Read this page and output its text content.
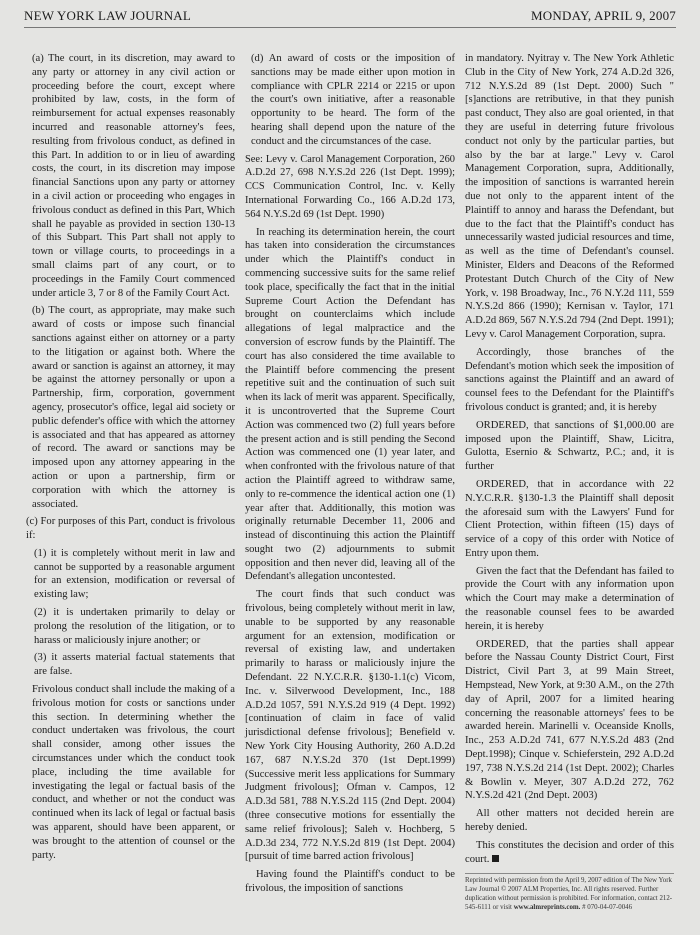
NEW YORK LAW JOURNAL	MONDAY, APRIL 9, 2007

(a) The court, in its discretion, may award to any party or attorney in any civil action or proceeding before the court, except where prohibited by law, costs, in the form of reimbursement for actual expenses reasonably incurred and reasonable attorney's fees, resulting from frivolous conduct, as defined in this Part. In addition to or in lieu of awarding costs, the court, in its discretion may impose financial Sanctions upon any party or attorney in a civil action or proceeding who engages in frivolous conduct as defined in this Part, Which shall he payable as provided in section 130-13 of this Subpart. This Part shall not apply to town or village courts, to proceedings in a small claims part of any court, or to proceedings in the Family Court commenced under article 3, 7 or 8 of the Family Court Act.

(b) The court, as appropriate, may make such award of costs or impose such financial sanctions against either on attorney or a party to the litigation or against both. Where the award or sanction is against an attorney, it may be against the attorney personally or upon a Partnership, firm, corporation, government agency, prosecutor's office, legal aid society or public defender's office with which the attorney is associated and that has appeared as attorney of record. The award or sanctions may be imposed upon any attorney appearing in the action or upon a partnership, firm or corporation with which the attorney is associated.

(c) For purposes of this Part, conduct is frivolous if:

(1) it is completely without merit in law and cannot be supported by a reasonable argument for an extension, modification or reversal of existing law;

(2) it is undertaken primarily to delay or prolong the resolution of the litigation, or to harass or maliciously injure another; or

(3) it asserts material factual statements that are false.

Frivolous conduct shall include the making of a frivolous motion for costs or sanctions under this section. In determining whether the conduct undertaken was frivolous, the court shall consider, among other issues the circumstances under which the conduct took place, including the time available for investigating the legal or factual basis of the conduct, and whether or not the conduct was continued when its lack of legal or factual basis was apparent, should have been apparent, or was brought to the attention of counsel or the party.

(d) An award of costs or the imposition of sanctions may be made either upon motion in compliance with CPLR 2214 or 2215 or upon the court's own initiative, after a reasonable opportunity to be heard. The form of the hearing shall depend upon the nature of the conduct and the circumstances of the case.

See: Levy v. Carol Management Corporation, 260 A.D.2d 27, 698 N.Y.S.2d 226 (1st Dept. 1999); CCS Communication Control, Inc. v. Kelly International Forwarding Co., 166 A.D.2d 173, 564 N.Y.S.2d 69 (1st Dept. 1990)

In reaching its determination herein, the court has taken into consideration the circumstances under which the Plaintiff's conduct in commencing successive suits for the same relief took place, specifically the fact that in the initial Supreme Court Action the Defendant has brought on counterclaims which include allegations of legal malpractice and the conversion of escrow funds by the Plaintiff. The court has also considered the time available to the Plaintiff before commencing the present repetitive suit and the continuation of such suit when its lack of merit was apparent. Specifically, it is uncontroverted that the Supreme Court Action was commenced two (2) full years before the present action and is still pending the Second Action was commenced one (1) year later, and when confronted with the frivolous nature of that action the Plaintiff agreed to withdraw same, only to re-commence the identical action one (1) year after that. Additionally, this motion was originally returnable December 11, 2006 and instead of discontinuing this action the Plaintiff sought two (2) adjournments to submit opposition and then never did, leaving all of the Defendant's allegation uncontested.

The court finds that such conduct was frivolous, being completely without merit in law, unable to be supported by any reasonable argument for an extension, modification or reversal of existing law, and undertaken primarily to harass or maliciously injure the Defendant. 22 N.Y.C.R.R. §130-1.1(c) Vicom, Inc. v. Silverwood Development, Inc., 188 A.D.2d 1057, 591 N.Y.S.2d 919 (4 Dept. 1992) [continuation of claim in face of valid jurisdictional defense frivolous]; Benefield v. New York City Housing Authority, 260 A.D.2d 167, 687 N.Y.S.2d 370 (1st Dept.1999) (Successive merit less applications for Summary Judgment frivolous]; Ofman v. Campos, 12 A.D.3d 581, 788 N.Y.S.2d 115 (2nd Dept. 2004) (three consecutive motions for essentially the same relief frivolous]; Saleh v. Hochberg, 5 A.D.3d 234, 772 N.Y.S.2d 819 (1st Dept. 2004) [pursuit of time barred action frivolous]

Having found the Plaintiff's conduct to be frivolous, the imposition of sanctions

in mandatory. Nyitray v. The New York Athletic Club in the City of New York, 274 A.D.2d 326, 712 N.Y.S.2d 89 (1st Dept. 2000) Such "[s]anctions are retributive, in that they punish past conduct, They also are goal oriented, in that they are useful in deterring future frivolous conduct not only by the particular parties, but also by the bar at large." Levy v. Carol Management Corporation, supra, Additionally, the imposition of sanctions is warranted herein due not only to the apparent intent of the Plaintiff to annoy and harass the Defendant, but due to the fact that the Plaintiff's conduct has unnecessarily wasted judicial resources and time, as well as the time of Defendant's counsel. Minister, Elders and Deacons of the Reformed Protestant Dutch Church of the City of New York, v. 198 Broadway, Inc., 76 N.Y.2d 111, 559 N.Y.S.2d 866 (1990); Kernisan v. Taylor, 171 A.D.2d 869, 567 N.Y.S.2d 794 (2nd Dept. 1991); Levy v. Carol Management Corporation, supra.

Accordingly, those branches of the Defendant's motion which seek the imposition of sanctions against the Plaintiff and an award of counsel fees to the Defendant for the Plaintiff's frivolous conduct is granted; and, it is hereby

ORDERED, that sanctions of $1,000.00 are imposed upon the Plaintiff, Shaw, Licitra, Gulotta, Esernio & Schwartz, P.C.; and, it is further

ORDERED, that in accordance with 22 N.Y.C.R.R. §130-1.3 the Plaintiff shall deposit the aforesaid sum with the Lawyers' Fund for Client Protection, within fifteen (15) days of service of a copy of this order with Notice of Entry upon them.

Given the fact that the Defendant has failed to provide the Court with any information upon which the Court may make a determination of the reasonable counsel fees to be awarded herein, it is hereby

ORDERED, that the parties shall appear before the Nassau County District Court, First District, Civil Part 3, at 99 Main Street, Hempstead, New York, at 9:30 A.M., on the 27th day of April, 2007 for a limited hearing concerning the reasonable attorneys' fees to be awarded herein. Marinelli v. Oceanside Knolls, Inc., 253 A.D.2d 741, 677 N.Y.S.2d 483 (2nd Dept.1998); Cinque v. Schieferstein, 292 A.D.2d 197, 738 N.Y.S.2d 214 (1st Dept. 2002); Charles & Bowlin v. Meyer, 307 A.D.2d 272, 762 N.Y.S.2d 421 (2nd Dept. 2003)

All other matters not decided herein are hereby denied.

This constitutes the decision and order of this court.

Reprinted with permission from the April 9, 2007 edition of The New York Law Journal © 2007 ALM Properties, Inc. All rights reserved. Further duplication without permission is prohibited. For information, contact 212-545-6111 or visit www.almreprints.com. # 070-04-07-0046
